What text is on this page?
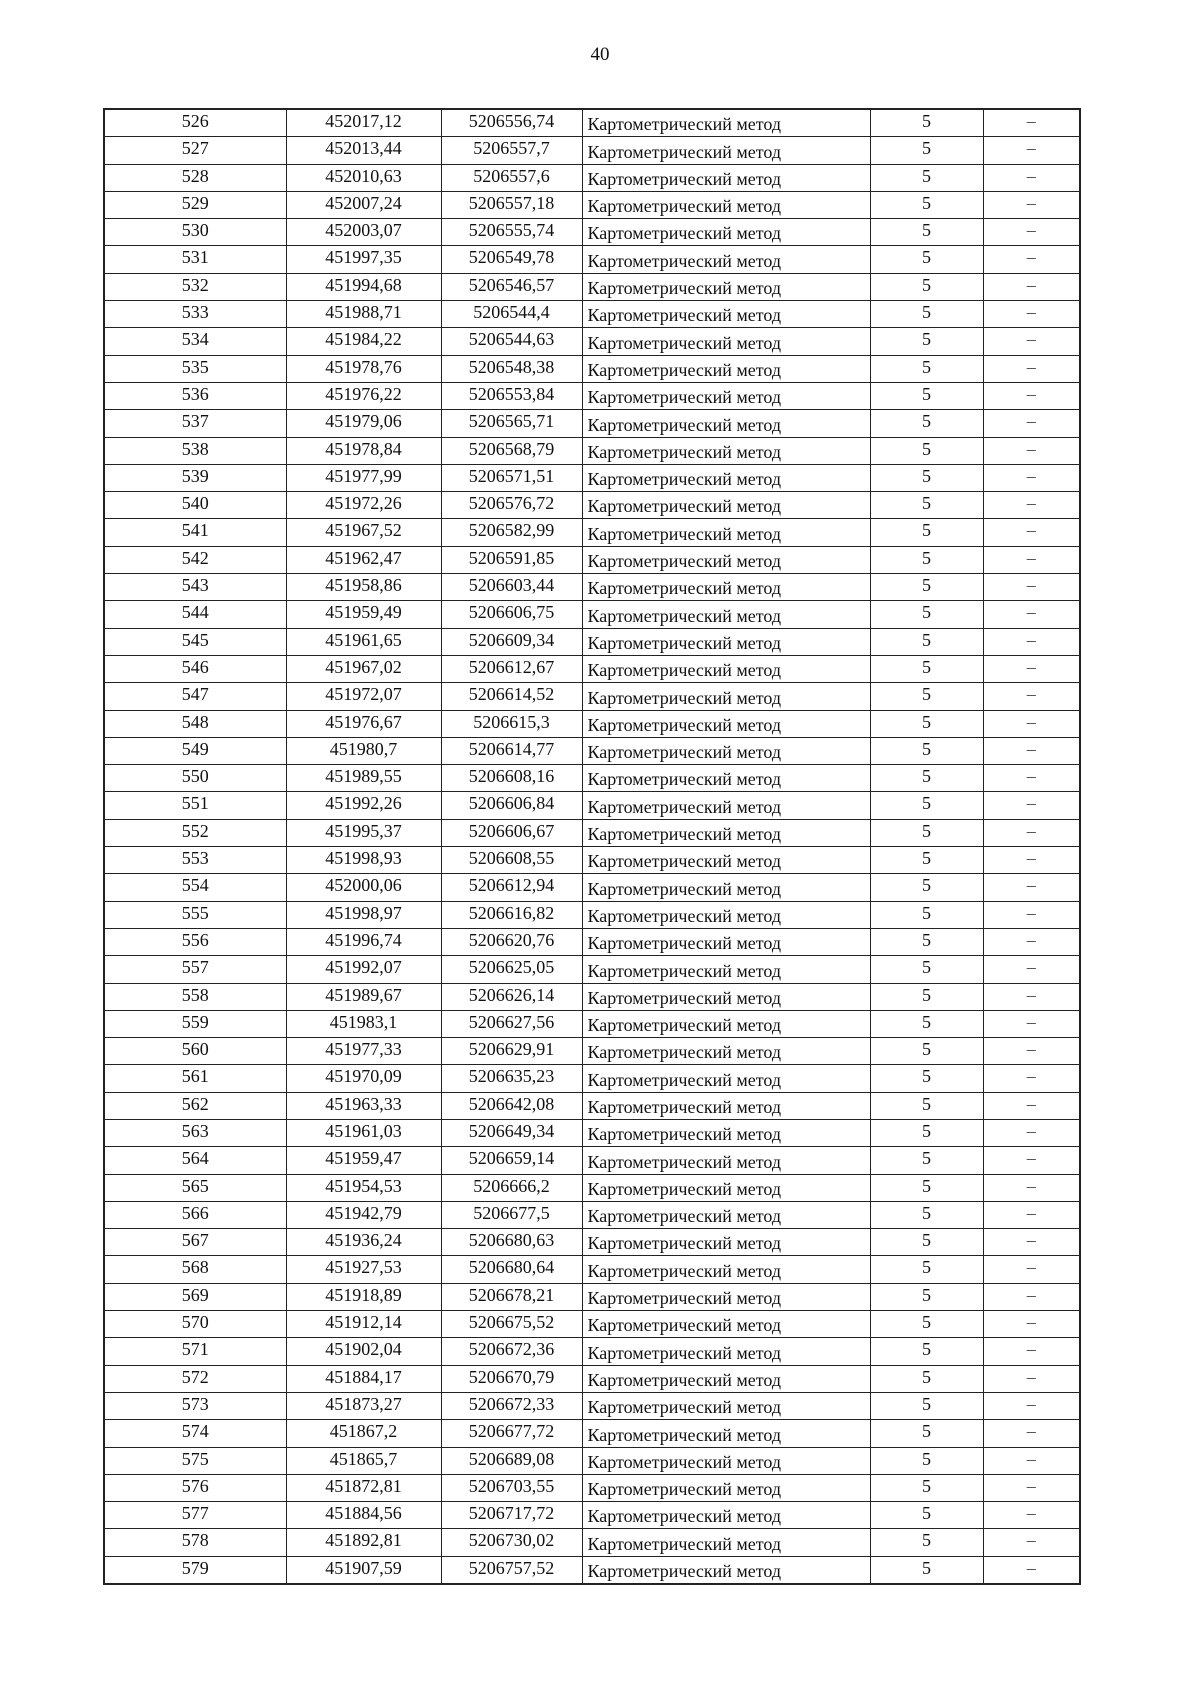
40
526	452017,12	5206556,74	Картометрический метод	5	–
527	452013,44	5206557,7	Картометрический метод	5	–
528	452010,63	5206557,6	Картометрический метод	5	–
529	452007,24	5206557,18	Картометрический метод	5	–
530	452003,07	5206555,74	Картометрический метод	5	–
531	451997,35	5206549,78	Картометрический метод	5	–
532	451994,68	5206546,57	Картометрический метод	5	–
533	451988,71	5206544,4	Картометрический метод	5	–
534	451984,22	5206544,63	Картометрический метод	5	–
535	451978,76	5206548,38	Картометрический метод	5	–
536	451976,22	5206553,84	Картометрический метод	5	–
537	451979,06	5206565,71	Картометрический метод	5	–
538	451978,84	5206568,79	Картометрический метод	5	–
539	451977,99	5206571,51	Картометрический метод	5	–
540	451972,26	5206576,72	Картометрический метод	5	–
541	451967,52	5206582,99	Картометрический метод	5	–
542	451962,47	5206591,85	Картометрический метод	5	–
543	451958,86	5206603,44	Картометрический метод	5	–
544	451959,49	5206606,75	Картометрический метод	5	–
545	451961,65	5206609,34	Картометрический метод	5	–
546	451967,02	5206612,67	Картометрический метод	5	–
547	451972,07	5206614,52	Картометрический метод	5	–
548	451976,67	5206615,3	Картометрический метод	5	–
549	451980,7	5206614,77	Картометрический метод	5	–
550	451989,55	5206608,16	Картометрический метод	5	–
551	451992,26	5206606,84	Картометрический метод	5	–
552	451995,37	5206606,67	Картометрический метод	5	–
553	451998,93	5206608,55	Картометрический метод	5	–
554	452000,06	5206612,94	Картометрический метод	5	–
555	451998,97	5206616,82	Картометрический метод	5	–
556	451996,74	5206620,76	Картометрический метод	5	–
557	451992,07	5206625,05	Картометрический метод	5	–
558	451989,67	5206626,14	Картометрический метод	5	–
559	451983,1	5206627,56	Картометрический метод	5	–
560	451977,33	5206629,91	Картометрический метод	5	–
561	451970,09	5206635,23	Картометрический метод	5	–
562	451963,33	5206642,08	Картометрический метод	5	–
563	451961,03	5206649,34	Картометрический метод	5	–
564	451959,47	5206659,14	Картометрический метод	5	–
565	451954,53	5206666,2	Картометрический метод	5	–
566	451942,79	5206677,5	Картометрический метод	5	–
567	451936,24	5206680,63	Картометрический метод	5	–
568	451927,53	5206680,64	Картометрический метод	5	–
569	451918,89	5206678,21	Картометрический метод	5	–
570	451912,14	5206675,52	Картометрический метод	5	–
571	451902,04	5206672,36	Картометрический метод	5	–
572	451884,17	5206670,79	Картометрический метод	5	–
573	451873,27	5206672,33	Картометрический метод	5	–
574	451867,2	5206677,72	Картометрический метод	5	–
575	451865,7	5206689,08	Картометрический метод	5	–
576	451872,81	5206703,55	Картометрический метод	5	–
577	451884,56	5206717,72	Картометрический метод	5	–
578	451892,81	5206730,02	Картометрический метод	5	–
579	451907,59	5206757,52	Картометрический метод	5	–
